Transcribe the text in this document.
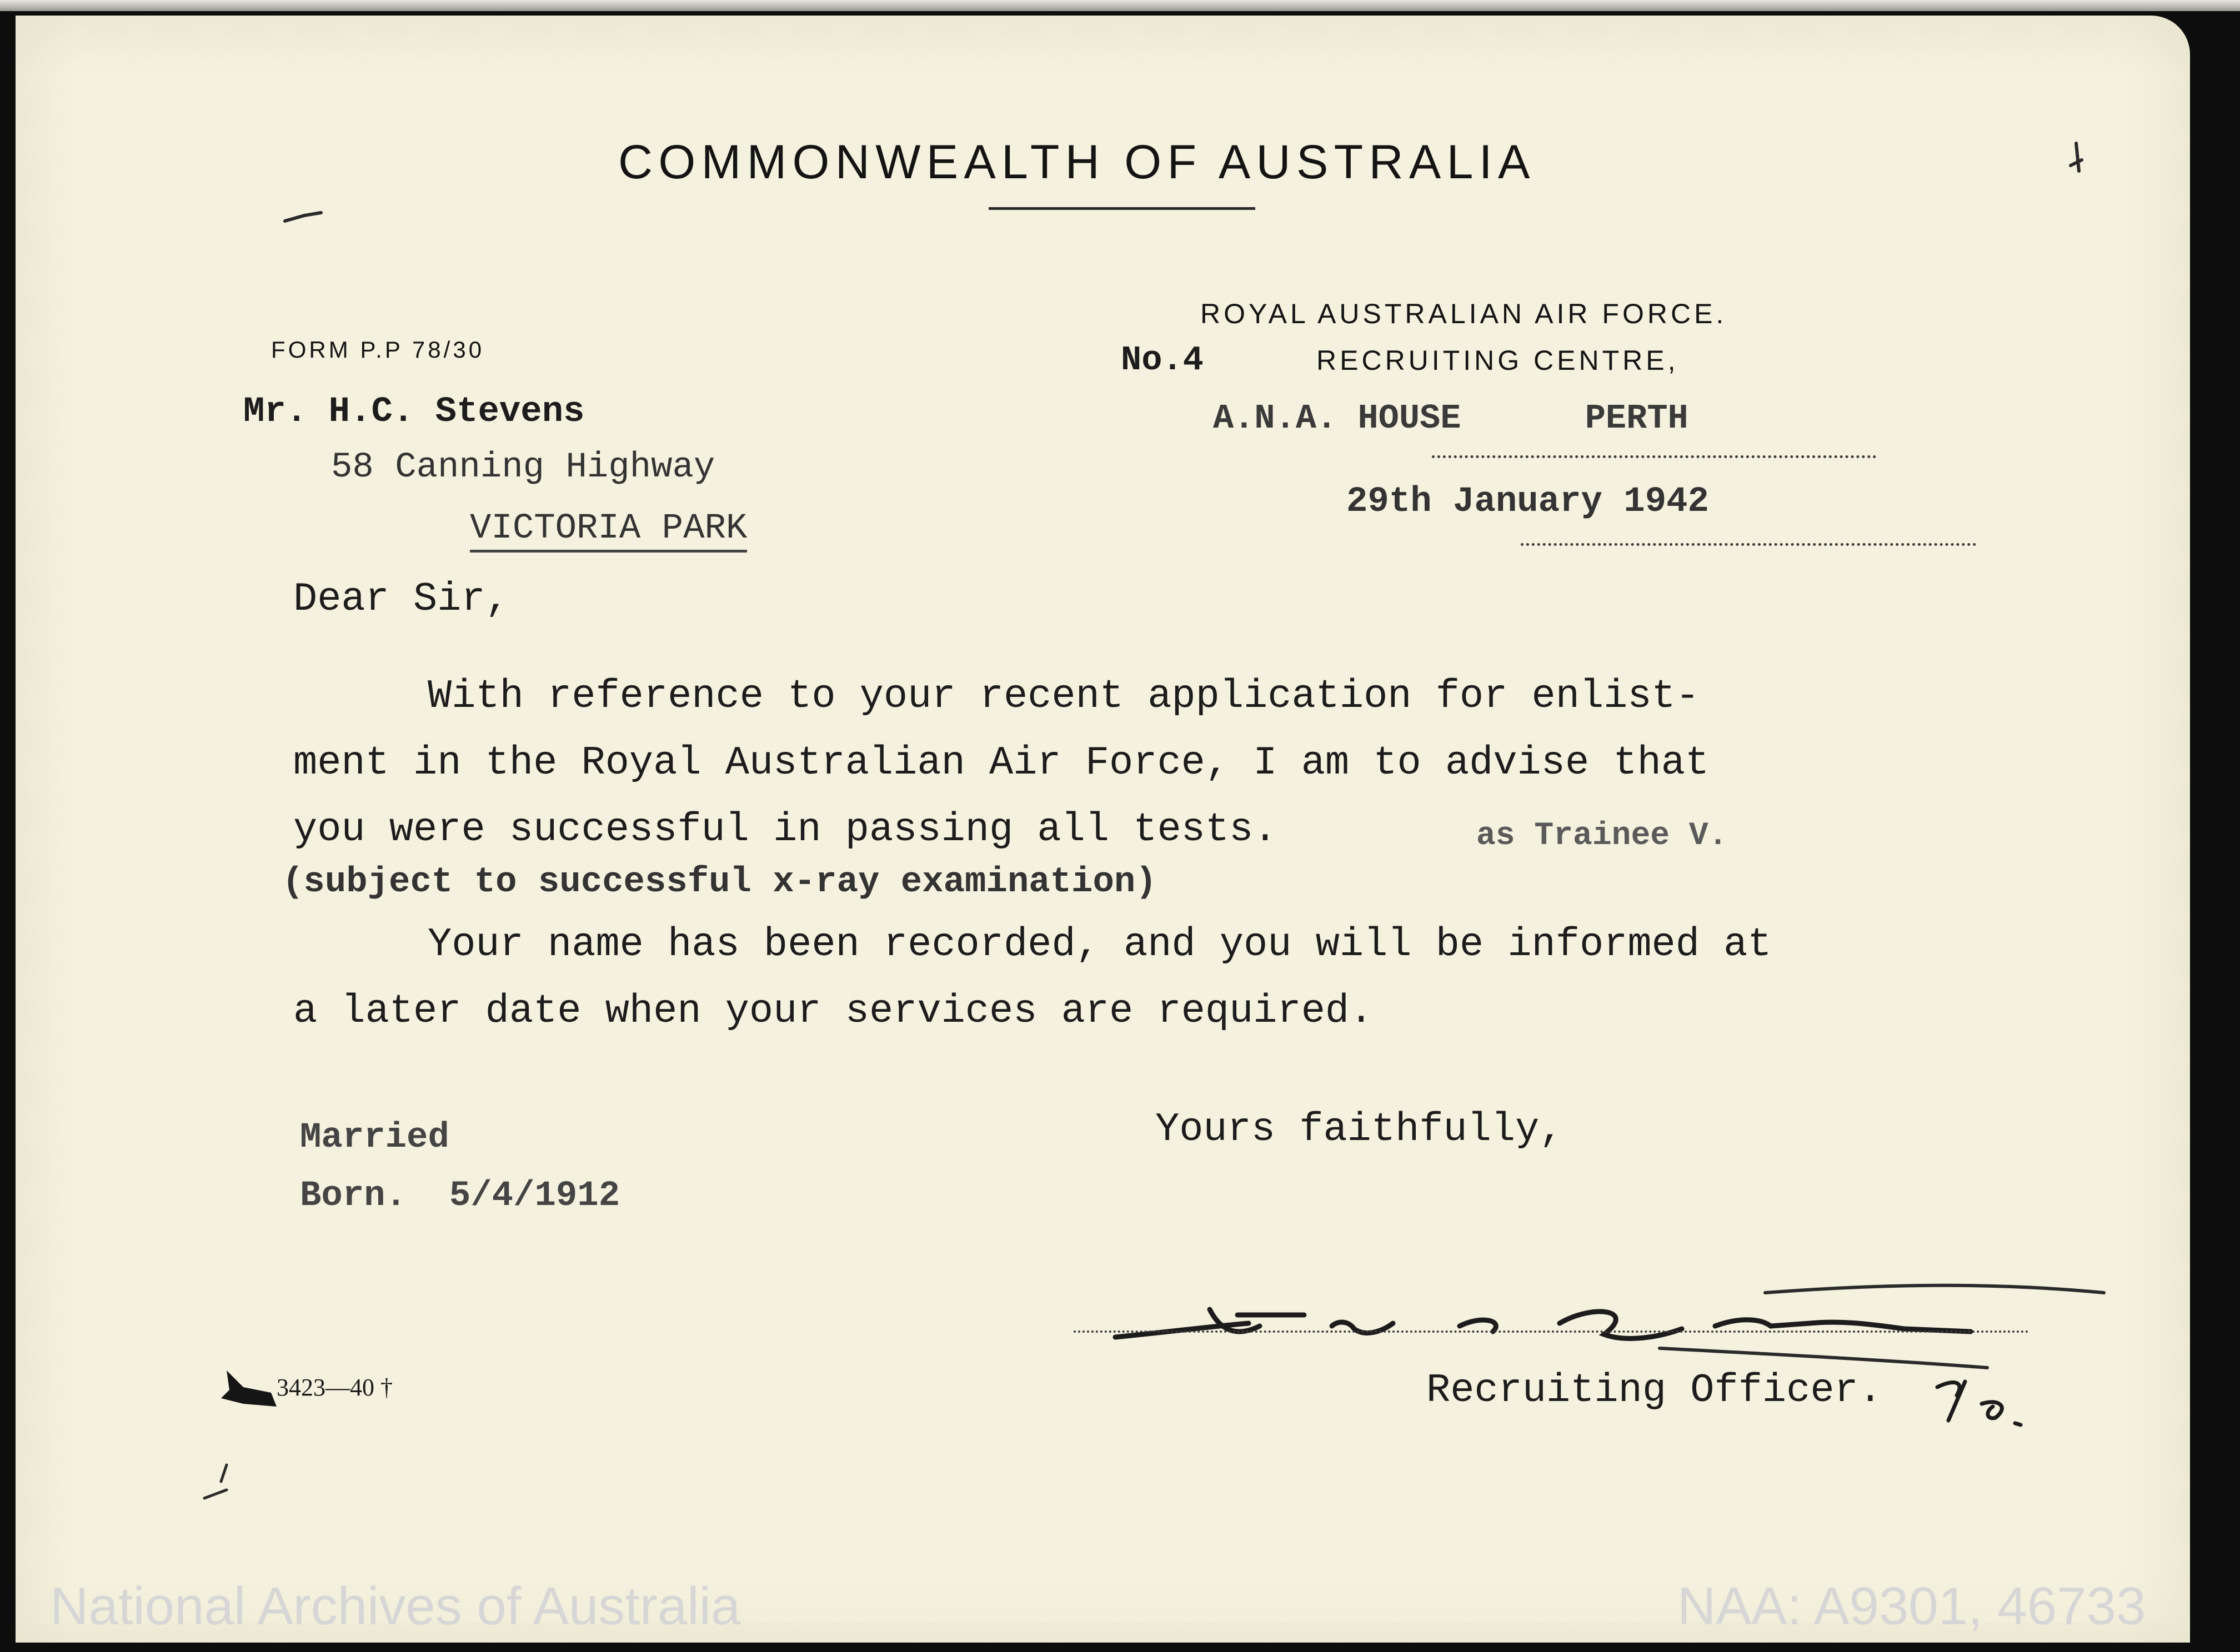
COMMONWEALTH OF AUSTRALIA
ROYAL AUSTRALIAN AIR FORCE.
FORM P.P 78/30	No.4	RECRUITING CENTRE,
Mr. H.C. Stevens
58 Canning Highway
VICTORIA PARK
A.N.A. HOUSE      PERTH
29th January 1942
Dear Sir,
With reference to your recent application for enlist-
ment in the Royal Australian Air Force, I am to advise that
you were successful in passing all tests.	as Trainee V.
(subject to successful x-ray examination)
Your name has been recorded, and you will be informed at
a later date when your services are required.
Yours faithfully,
Married
Born.  5/4/1912
Recruiting Officer.
3423—40 †
National Archives of Australia	NAA: A9301, 46733
